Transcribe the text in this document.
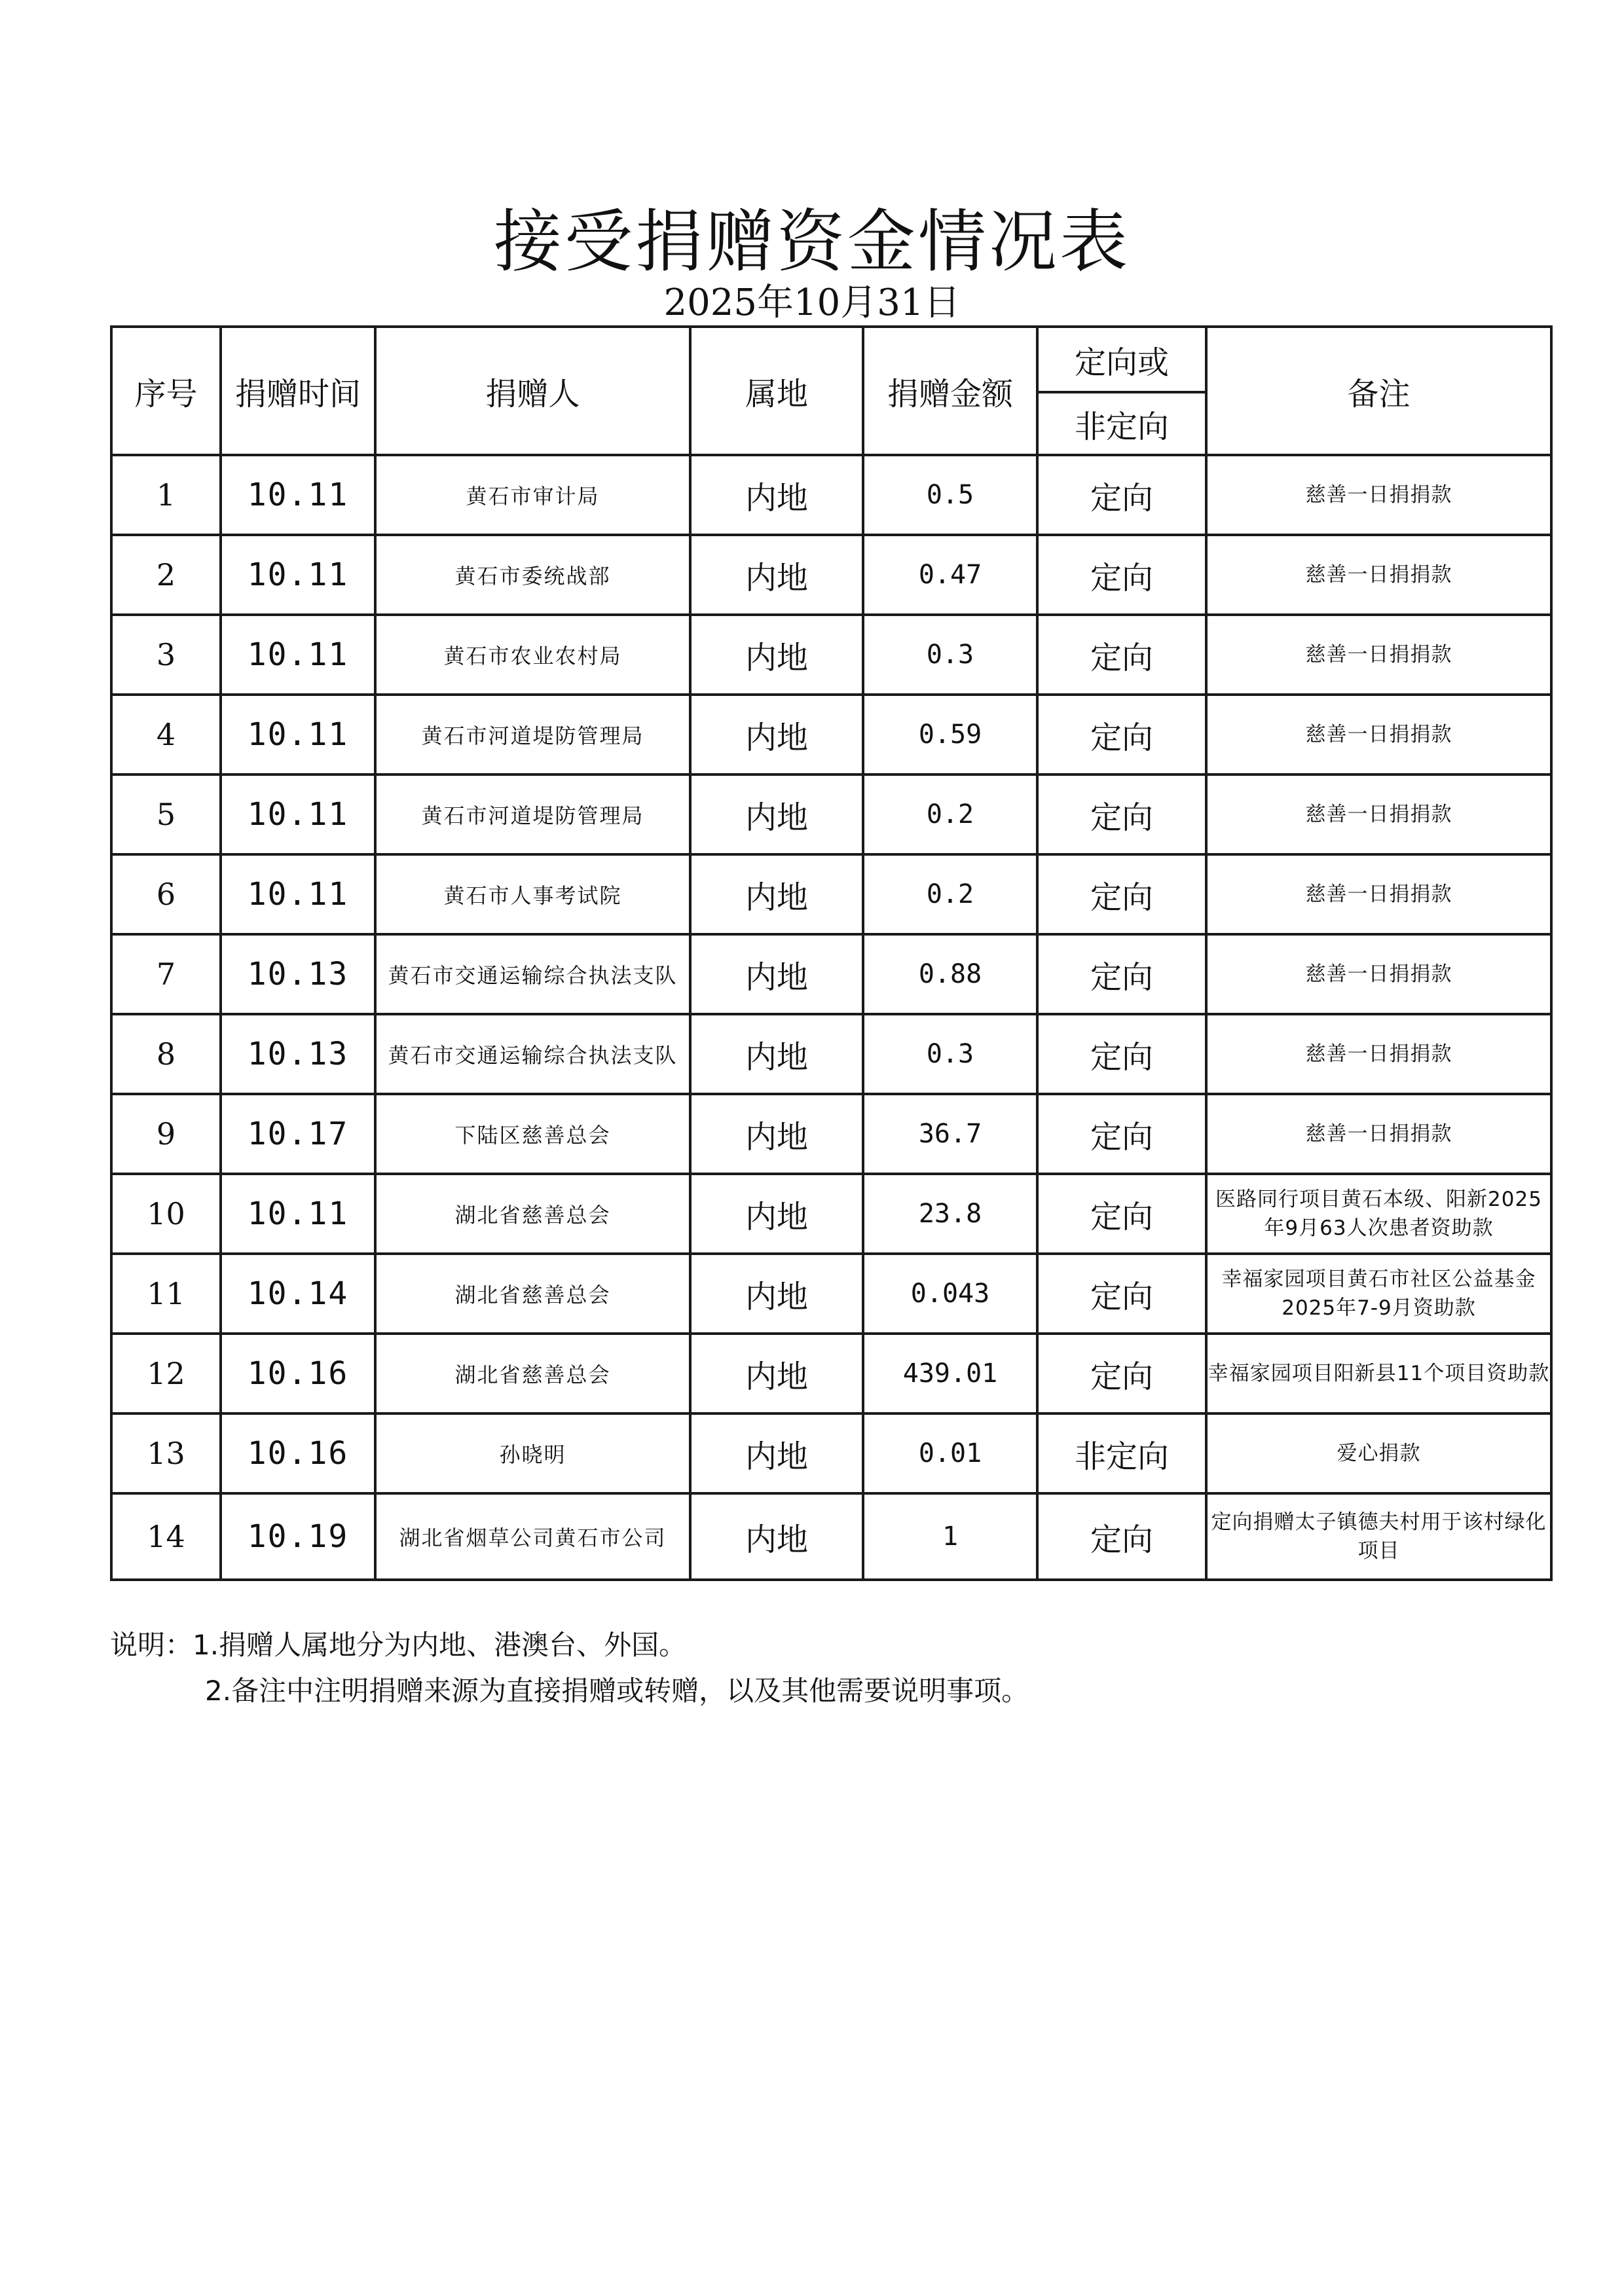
接受捐赠资金情况表
2025年10月31日
序号	捐赠时间	捐赠人	属地	捐赠金额	定向或	备注
					非定向	
1	10.11	黄石市审计局	内地	0.5	定向	慈善一日捐捐款
2	10.11	黄石市委统战部	内地	0.47	定向	慈善一日捐捐款
3	10.11	黄石市农业农村局	内地	0.3	定向	慈善一日捐捐款
4	10.11	黄石市河道堤防管理局	内地	0.59	定向	慈善一日捐捐款
5	10.11	黄石市河道堤防管理局	内地	0.2	定向	慈善一日捐捐款
6	10.11	黄石市人事考试院	内地	0.2	定向	慈善一日捐捐款
7	10.13	黄石市交通运输综合执法支队	内地	0.88	定向	慈善一日捐捐款
8	10.13	黄石市交通运输综合执法支队	内地	0.3	定向	慈善一日捐捐款
9	10.17	下陆区慈善总会	内地	36.7	定向	慈善一日捐捐款
10	10.11	湖北省慈善总会	内地	23.8	定向	医路同行项目黄石本级、阳新2025年9月63人次患者资助款
11	10.14	湖北省慈善总会	内地	0.043	定向	幸福家园项目黄石市社区公益基金2025年7-9月资助款
12	10.16	湖北省慈善总会	内地	439.01	定向	幸福家园项目阳新县11个项目资助款
13	10.16	孙晓明	内地	0.01	非定向	爱心捐款
14	10.19	湖北省烟草公司黄石市公司	内地	1	定向	定向捐赠太子镇德夫村用于该村绿化项目
说明：1.捐赠人属地分为内地、港澳台、外国。
2.备注中注明捐赠来源为直接捐赠或转赠，以及其他需要说明事项。
